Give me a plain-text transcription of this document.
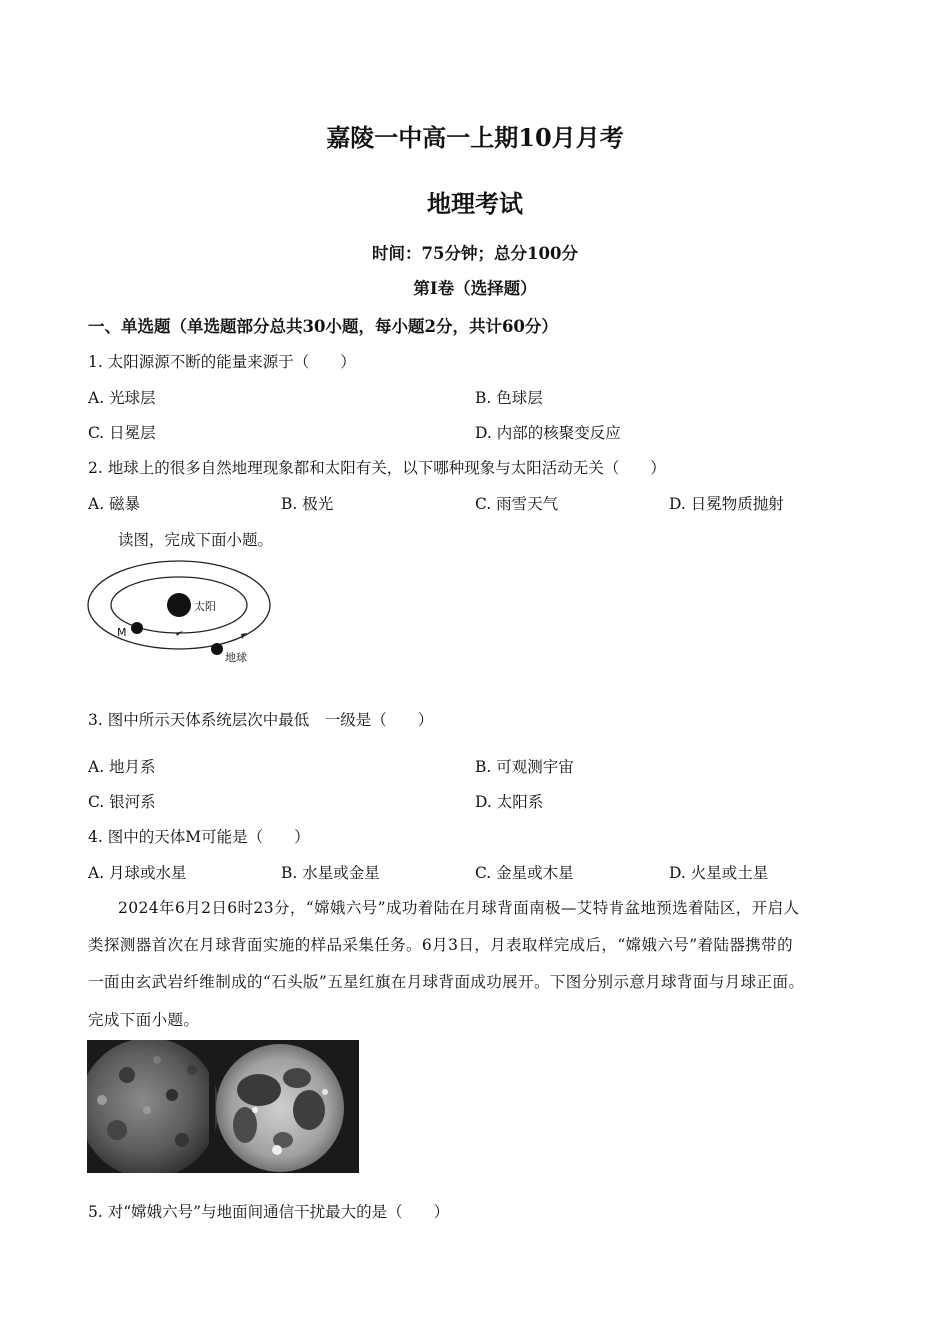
嘉陵一中高一上期10月月考
地理考试
时间：75分钟；总分100分
第I卷（选择题）
一、单选题（单选题部分总共30小题，每小题2分，共计60分）
1. 太阳源源不断的能量来源于（　　）
A. 光球层	B. 色球层
C. 日冕层	D. 内部的核聚变反应
2. 地球上的很多自然地理现象都和太阳有关，以下哪种现象与太阳活动无关（　　）
A. 磁暴	B. 极光	C. 雨雪天气	D. 日冕物质抛射
读图，完成下面小题。
太阳
M
地球
3. 图中所示天体系统层次中最低　一级是（　　）
A. 地月系	B. 可观测宇宙
C. 银河系	D. 太阳系
4. 图中的天体M可能是（　　）
A. 月球或水星	B. 水星或金星	C. 金星或木星	D. 火星或土星
2024年6月2日6时23分，“嫦娥六号”成功着陆在月球背面南极—艾特肯盆地预选着陆区，开启人
类探测器首次在月球背面实施的样品采集任务。6月3日，月表取样完成后，“嫦娥六号”着陆器携带的
一面由玄武岩纤维制成的“石头版”五星红旗在月球背面成功展开。下图分别示意月球背面与月球正面。
完成下面小题。
5. 对“嫦娥六号”与地面间通信干扰最大的是（　　）
